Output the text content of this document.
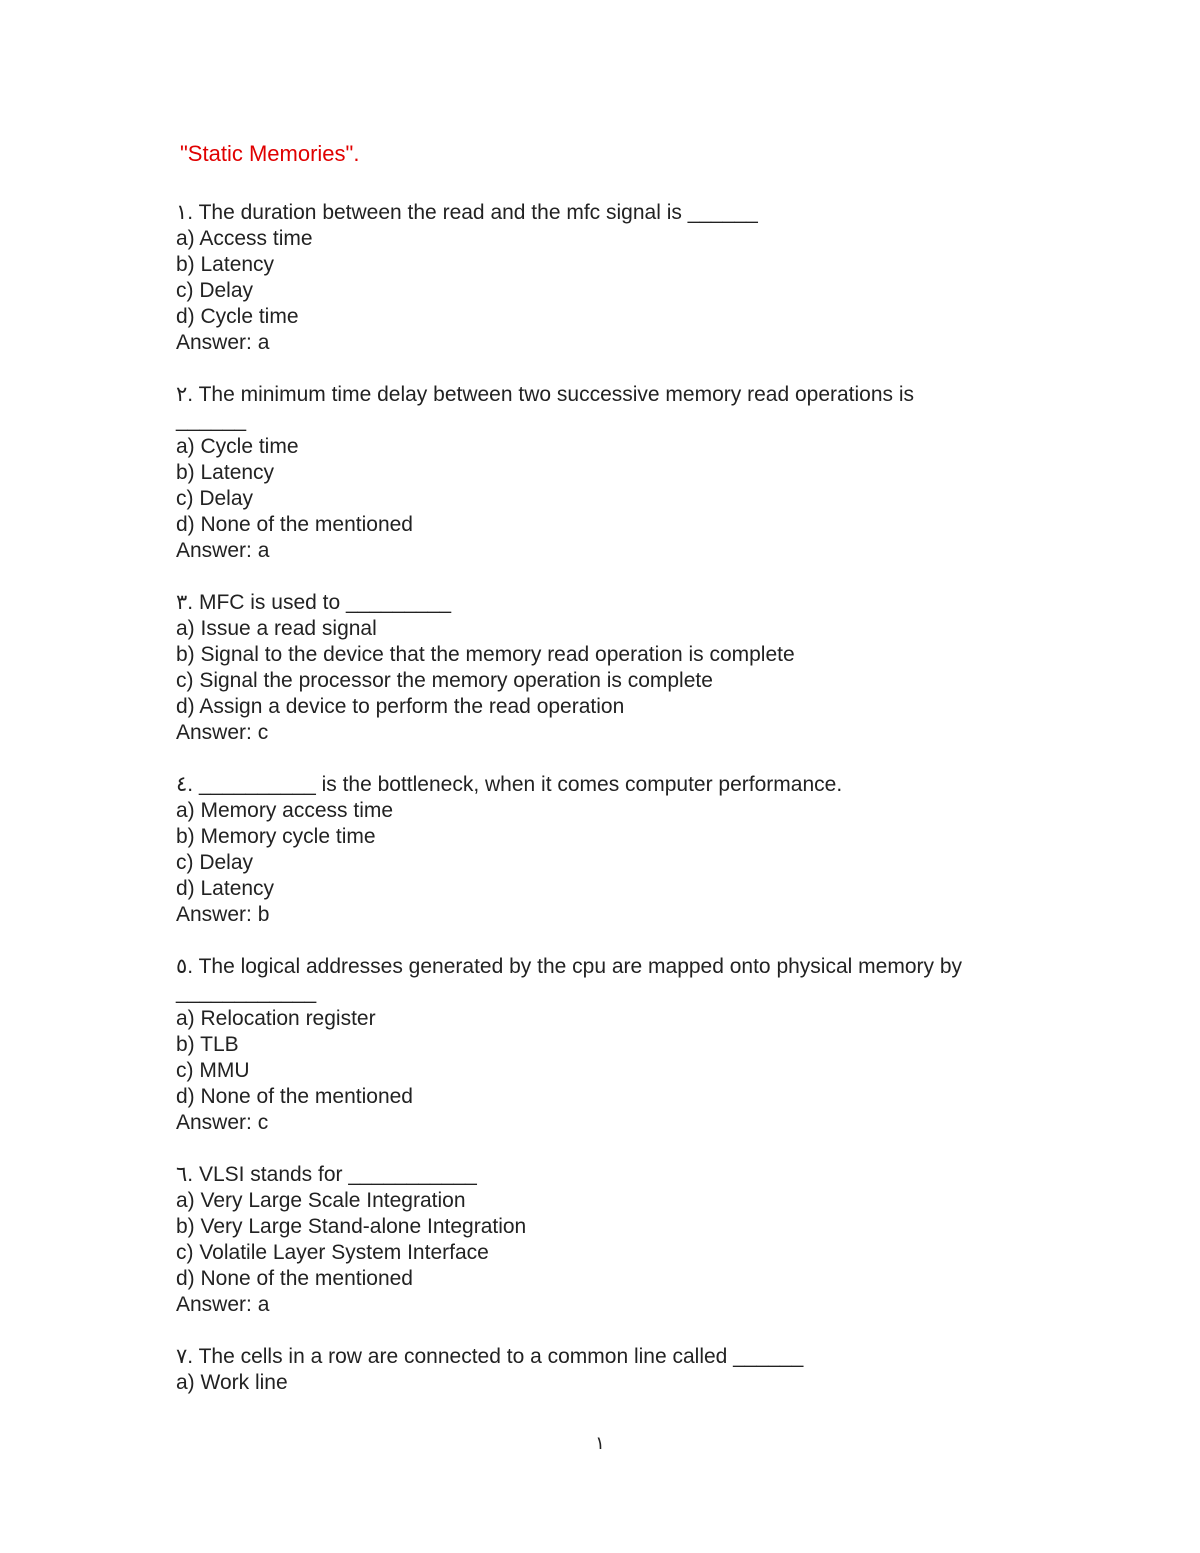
"Static Memories".
١. The duration between the read and the mfc signal is ______
a) Access time
b) Latency
c) Delay
d) Cycle time
Answer: a
٢. The minimum time delay between two successive memory read operations is
______
a) Cycle time
b) Latency
c) Delay
d) None of the mentioned
Answer: a
٣. MFC is used to _________
a) Issue a read signal
b) Signal to the device that the memory read operation is complete
c) Signal the processor the memory operation is complete
d) Assign a device to perform the read operation
Answer: c
٤. __________ is the bottleneck, when it comes computer performance.
a) Memory access time
b) Memory cycle time
c) Delay
d) Latency
Answer: b
٥. The logical addresses generated by the cpu are mapped onto physical memory by
____________
a) Relocation register
b) TLB
c) MMU
d) None of the mentioned
Answer: c
٦. VLSI stands for ___________
a) Very Large Scale Integration
b) Very Large Stand-alone Integration
c) Volatile Layer System Interface
d) None of the mentioned
Answer: a
٧. The cells in a row are connected to a common line called ______
a) Work line
١
